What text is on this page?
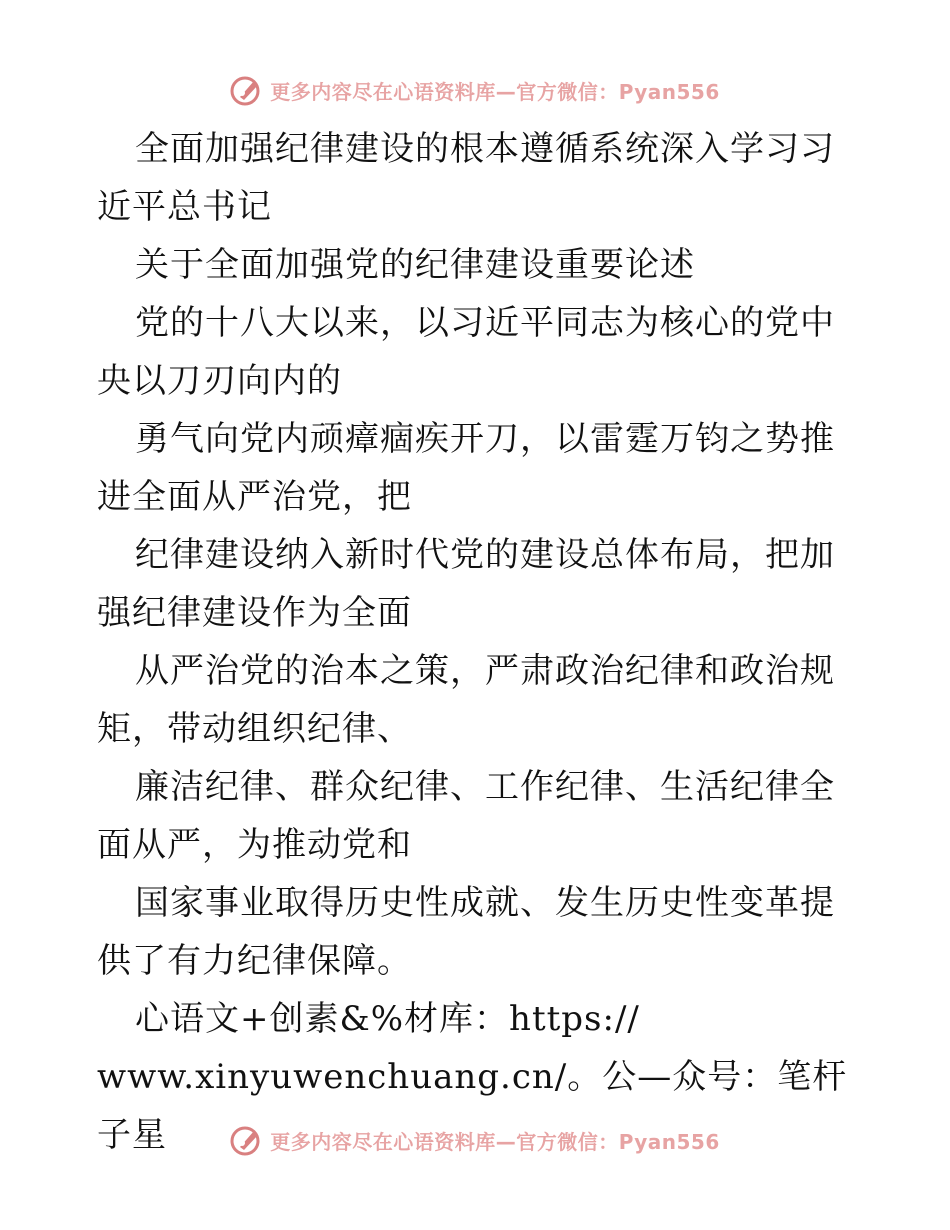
更多内容尽在心语资料库—官方微信：Pyan556

全面加强纪律建设的根本遵循系统深入学习习近平总书记

关于全面加强党的纪律建设重要论述

党的十八大以来，以习近平同志为核心的党中央以刀刃向内的

勇气向党内顽瘴痼疾开刀，以雷霆万钧之势推进全面从严治党，把

纪律建设纳入新时代党的建设总体布局，把加强纪律建设作为全面

从严治党的治本之策，严肃政治纪律和政治规矩，带动组织纪律、

廉洁纪律、群众纪律、工作纪律、生活纪律全面从严，为推动党和

国家事业取得历史性成就、发生历史性变革提供了有力纪律保障。

心语文+创素&%材库：https://

www.xinyuwenchuang.cn/。公—众号：笔杆子星	更多内容尽在心语资料库—官方微信：Pyan556
